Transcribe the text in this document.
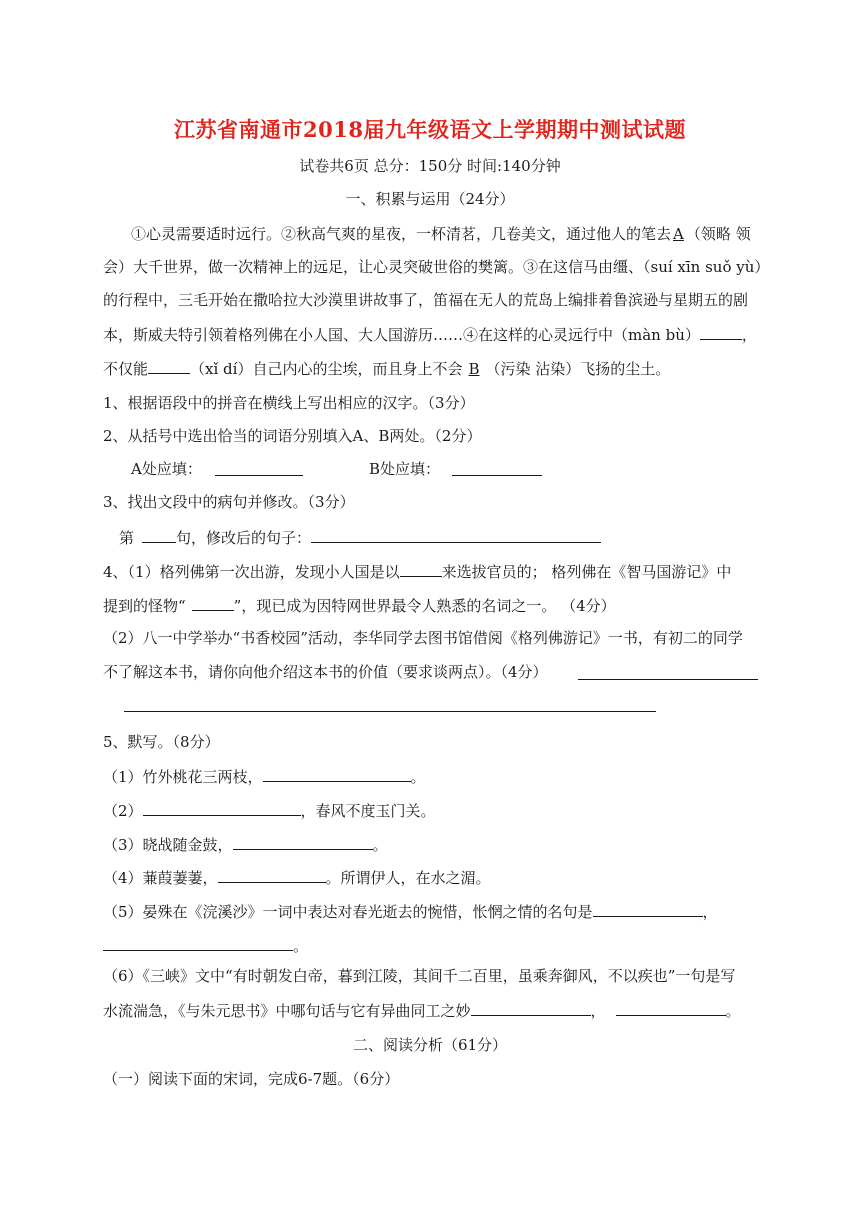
江苏省南通市2018届九年级语文上学期期中测试试题
试卷共6页 总分：150分 时间:140分钟
一、积累与运用（24分）
①心灵需要适时远行。②秋高气爽的星夜，一杯清茗，几卷美文，通过他人的笔去 A （领略 领
会）大千世界，做一次精神上的远足，让心灵突破世俗的樊篱。③在这信马由缰、（suí xīn suǒ yù）
的行程中，三毛开始在撒哈拉大沙漠里讲故事了，笛福在无人的荒岛上编排着鲁滨逊与星期五的剧
本，斯威夫特引领着格列佛在小人国、大人国游历……④在这样的心灵远行中（màn bù）	，
不仅能	（xǐ dí）自己内心的尘埃，而且身上不会 B （污染 沾染）飞扬的尘土。
1、根据语段中的拼音在横线上写出相应的汉字。（3分）
2、从括号中选出恰当的词语分别填入A、B两处。（2分）
A处应填：	B处应填：
3、找出文段中的病句并修改。（3分）
第	句，修改后的句子：
4、（1）格列佛第一次出游，发现小人国是以	来选拔官员的； 格列佛在《智马国游记》中
提到的怪物“	”，现已成为因特网世界最令人熟悉的名词之一。 （4分）
（2）八一中学举办“书香校园”活动，李华同学去图书馆借阅《格列佛游记》一书，有初二的同学
不了解这本书，请你向他介绍这本书的价值（要求谈两点）。（4分）
5、默写。（8分）
（1）竹外桃花三两枝，	。
（2）	，春风不度玉门关。
（3）晓战随金鼓，	。
（4）蒹葭萋萋，	。所谓伊人，在水之湄。
（5）晏殊在《浣溪沙》一词中表达对春光逝去的惋惜，怅惘之情的名句是	，
。
（6）《三峡》文中“有时朝发白帝，暮到江陵，其间千二百里，虽乘奔御风，不以疾也”一句是写
水流湍急，《与朱元思书》中哪句话与它有异曲同工之妙	，	。
二、阅读分析（61分）
（一）阅读下面的宋词，完成6-7题。（6分）
